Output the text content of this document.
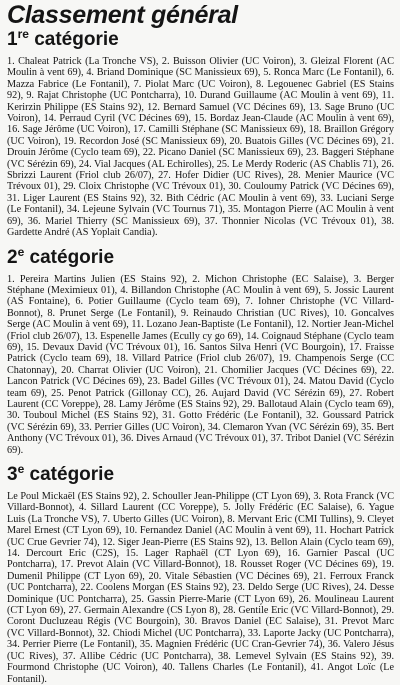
Classement général
1re catégorie

1. Chaleat Patrick (La Tronche VS), 2. Buisson Olivier (UC Voiron), 3. Gleizal Florent (AC Moulin à vent 69), 4. Briand Dominique (SC Manissieux 69), 5. Ronca Marc (Le Fontanil), 6. Mazza Fabrice (Le Fontanil), 7. Piolat Marc (UC Voiron), 8. Legouenec Gabriel (ES Stains 92), 9. Rajat Christophe (UC Pontcharra), 10. Durand Guillaume (AC Moulin à vent 69), 11. Kerirzin Philippe (ES Stains 92), 12. Bernard Samuel (VC Décines 69), 13. Sage Bruno (UC Voiron), 14. Perraud Cyril (VC Décines 69), 15. Bordaz Jean-Claude (AC Moulin à vent 69), 16. Sage Jérôme (UC Voiron), 17. Camilli Stéphane (SC Manissieux 69), 18. Braillon Grégory (UC Voiron), 19. Recordon José (SC Manissieux 69), 20. Buatois Gilles (VC Décines 69), 21. Drouin Jérôme (Cyclo team 69), 22. Picano Daniel (SC Manissieux 69), 23. Baggeri Stéphane (VC Sérézin 69), 24. Vial Jacques (AL Echirolles), 25. Le Merdy Roderic (AS Chablis 71), 26. Sbrizzi Laurent (Friol club 26/07), 27. Hofer Didier (UC Rives), 28. Menier Maurice (VC Trévoux 01), 29. Cloix Christophe (VC Trévoux 01), 30. Couloumy Patrick (VC Décines 69), 31. Liger Laurent (ES Stains 92), 32. Bith Cédric (AC Moulin à vent 69), 33. Luciani Serge (Le Fontanil), 34. Lejeune Sylvain (VC Tournus 71), 35. Montagon Pierre (AC Moulin à vent 69), 36. Mariel Thierry (SC Manissieux 69), 37. Thonnier Nicolas (VC Trévoux 01), 38. Gardette André (AS Yoplait Candia).

2e catégorie

1. Pereira Martins Julien (ES Stains 92), 2. Michon Christophe (EC Salaise), 3. Berger Stéphane (Meximieux 01), 4. Billandon Christophe (AC Moulin à vent 69), 5. Jossic Laurent (AS Fontaine), 6. Potier Guillaume (Cyclo team 69), 7. Iohner Christophe (VC Villard-Bonnot), 8. Prunet Serge (Le Fontanil), 9. Reinaudo Christian (UC Rives), 10. Goncalves Serge (AC Moulin à vent 69), 11. Lozano Jean-Baptiste (Le Fontanil), 12. Nortier Jean-Michel (Friol club 26/07), 13. Espenelle James (Ecully cy go 69), 14. Coignaud Stéphane (Cyclo team 69), 15. Devaux David (VC Trévoux 01), 16. Santos Silva Henri (VC Bourgoin), 17. Fraisse Patrick (Cyclo team 69), 18. Villard Patrice (Friol club 26/07), 19. Champenois Serge (CC Chatonnay), 20. Charrat Olivier (UC Voiron), 21. Chomilier Jacques (VC Décines 69), 22. Lancon Patrick (VC Décines 69), 23. Badel Gilles (VC Trévoux 01), 24. Matou David (Cyclo team 69), 25. Penot Patrick (Gillonay CC), 26. Aujard David (VC Sérézin 69), 27. Robert Laurent (CC Voreppe), 28. Lamy Jérôme (ES Stains 92), 29. Ballotaud Alain (Cyclo team 69), 30. Touboul Michel (ES Stains 92), 31. Gotto Frédéric (Le Fontanil), 32. Goussard Patrick (VC Sérézin 69), 33. Perrier Gilles (UC Voiron), 34. Clemaron Yvan (VC Sérézin 69), 35. Bert Anthony (VC Trévoux 01), 36. Dives Arnaud (VC Trévoux 01), 37. Tribot Daniel (VC Sérézin 69).

3e catégorie

Le Poul Mickaël (ES Stains 92), 2. Schouller Jean-Philippe (CT Lyon 69), 3. Rota Franck (VC Villard-Bonnot), 4. Sillard Laurent (CC Voreppe), 5. Jolly Frédéric (EC Salaise), 6. Yague Luis (La Tronche VS), 7. Uberto Gilles (UC Voiron), 8. Mervant Eric (CMI Tullins), 9. Cleyet Marel Ernest (CT Lyon 69), 10. Fernandez Daniel (AC Moulin à vent 69), 11. Hochart Patrick (UC Crue Gevrier 74), 12. Siger Jean-Pierre (ES Stains 92), 13. Bellon Alain (Cyclo team 69), 14. Dercourt Eric (C2S), 15. Lager Raphaël (CT Lyon 69), 16. Garnier Pascal (UC Pontcharra), 17. Prevot Alain (VC Villard-Bonnot), 18. Rousset Roger (VC Décines 69), 19. Dumenil Philippe (CT Lyon 69), 20. Vitale Sébastien (VC Décines 69), 21. Ferroux Franck (UC Pontcharra), 22. Coolens Morgan (ES Stains 92), 23. Deldo Serge (UC Rives), 24. Desse Dominique (UC Pontcharra), 25. Gassin Pierre-Marie (CT Lyon 69), 26. Moulineau Laurent (CT Lyon 69), 27. Germain Alexandre (CS Lyon 8), 28. Gentile Eric (VC Villard-Bonnot), 29. Coront Ducluzeau Régis (VC Bourgoin), 30. Bravos Daniel (EC Salaise), 31. Prevot Marc (VC Villard-Bonnot), 32. Chiodi Michel (UC Pontcharra), 33. Laporte Jacky (UC Pontcharra), 34. Perrier Pierre (Le Fontanil), 35. Magnien Frédéric (UC Cran-Gevrier 74), 36. Valero Jésus (UC Rives), 37. Allibe Cédric (UC Pontcharra), 38. Lemevel Sylvain (ES Stains 92), 39. Fourmond Christophe (UC Voiron), 40. Tallens Charles (Le Fontanil), 41. Angot Loïc (Le Fontanil).
